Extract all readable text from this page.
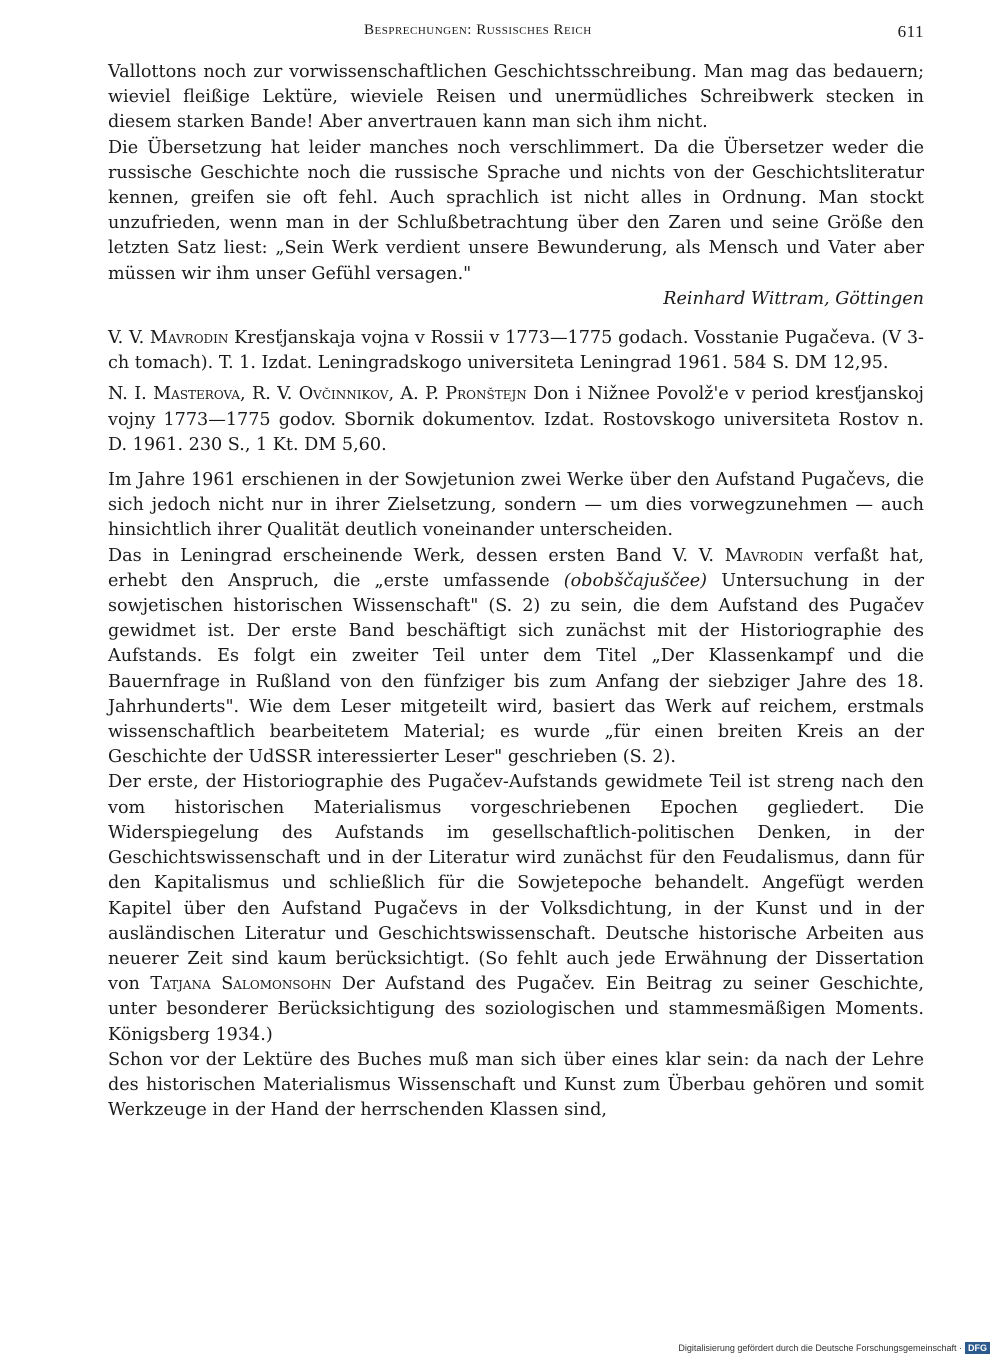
Besprechungen: Russisches Reich	611

Vallottons noch zur vorwissenschaftlichen Geschichtsschreibung. Man mag das bedauern; wieviel fleißige Lektüre, wieviele Reisen und unermüdliches Schreibwerk stecken in diesem starken Bande! Aber anvertrauen kann man sich ihm nicht.

Die Übersetzung hat leider manches noch verschlimmert. Da die Übersetzer weder die russische Geschichte noch die russische Sprache und nichts von der Geschichtsliteratur kennen, greifen sie oft fehl. Auch sprachlich ist nicht alles in Ordnung. Man stockt unzufrieden, wenn man in der Schlußbetrachtung über den Zaren und seine Größe den letzten Satz liest: „Sein Werk verdient unsere Bewunderung, als Mensch und Vater aber müssen wir ihm unser Gefühl versagen."

Reinhard Wittram, Göttingen

V. V. Mavrodin Kresťjanskaja vojna v Rossii v 1773—1775 godach. Vosstanie Pugačeva. (V 3-ch tomach). T. 1. Izdat. Leningradskogo universiteta Leningrad 1961. 584 S. DM 12,95.

N. I. Masterova, R. V. Ovčinnikov, A. P. Pronštejn Don i Nižnee Povolž'e v period kresťjanskoj vojny 1773—1775 godov. Sbornik dokumentov. Izdat. Rostovskogo universiteta Rostov n. D. 1961. 230 S., 1 Kt. DM 5,60.

Im Jahre 1961 erschienen in der Sowjetunion zwei Werke über den Aufstand Pugačevs, die sich jedoch nicht nur in ihrer Zielsetzung, sondern — um dies vorwegzunehmen — auch hinsichtlich ihrer Qualität deutlich voneinander unterscheiden.

Das in Leningrad erscheinende Werk, dessen ersten Band V. V. Mavrodin verfaßt hat, erhebt den Anspruch, die „erste umfassende (obobščajuščee) Untersuchung in der sowjetischen historischen Wissenschaft" (S. 2) zu sein, die dem Aufstand des Pugačev gewidmet ist. Der erste Band beschäftigt sich zunächst mit der Historiographie des Aufstands. Es folgt ein zweiter Teil unter dem Titel „Der Klassenkampf und die Bauernfrage in Rußland von den fünfziger bis zum Anfang der siebziger Jahre des 18. Jahrhunderts". Wie dem Leser mitgeteilt wird, basiert das Werk auf reichem, erstmals wissenschaftlich bearbeitetem Material; es wurde „für einen breiten Kreis an der Geschichte der UdSSR interessierter Leser" geschrieben (S. 2).

Der erste, der Historiographie des Pugačev-Aufstands gewidmete Teil ist streng nach den vom historischen Materialismus vorgeschriebenen Epochen gegliedert. Die Widerspiegelung des Aufstands im gesellschaftlich-politischen Denken, in der Geschichtswissenschaft und in der Literatur wird zunächst für den Feudalismus, dann für den Kapitalismus und schließlich für die Sowjetepoche behandelt. Angefügt werden Kapitel über den Aufstand Pugačevs in der Volksdichtung, in der Kunst und in der ausländischen Literatur und Geschichtswissenschaft. Deutsche historische Arbeiten aus neuerer Zeit sind kaum berücksichtigt. (So fehlt auch jede Erwähnung der Dissertation von Tatjana Salomonsohn Der Aufstand des Pugačev. Ein Beitrag zu seiner Geschichte, unter besonderer Berücksichtigung des soziologischen und stammesmäßigen Moments. Königsberg 1934.)

Schon vor der Lektüre des Buches muß man sich über eines klar sein: da nach der Lehre des historischen Materialismus Wissenschaft und Kunst zum Überbau gehören und somit Werkzeuge in der Hand der herrschenden Klassen sind,

Digitalisierung gefördert durch die Deutsche Forschungsgemeinschaft · DFG
